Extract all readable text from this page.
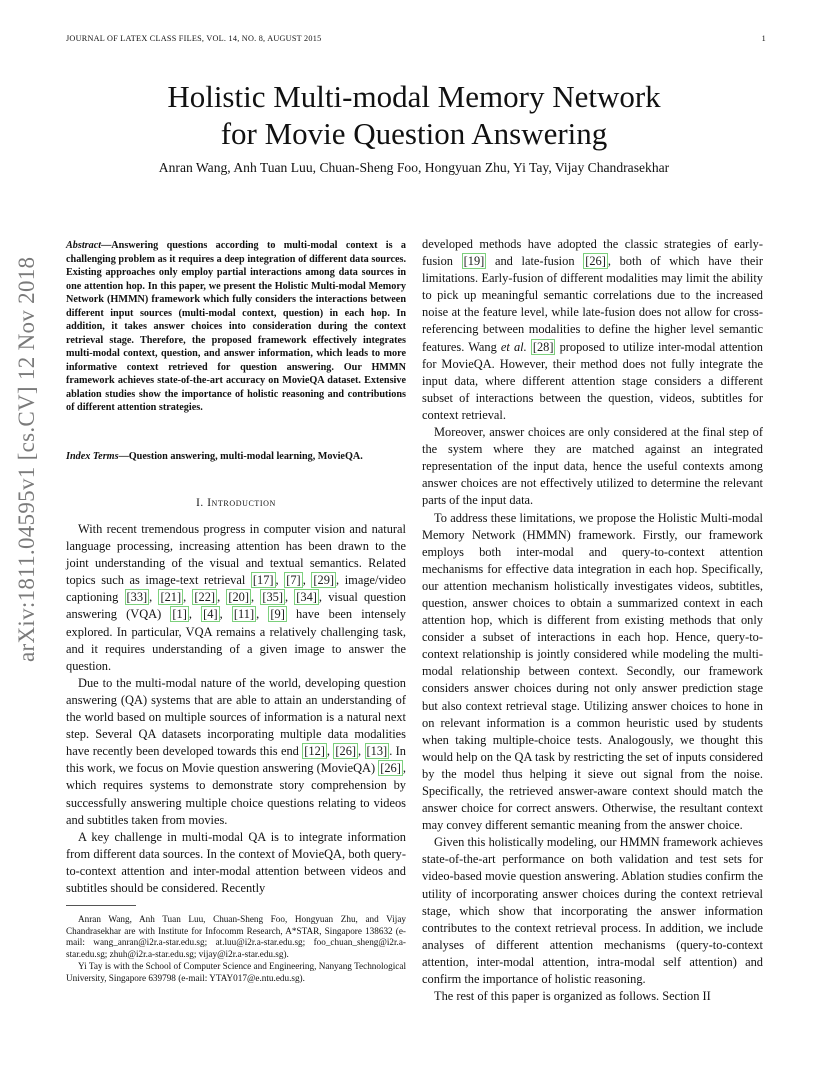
JOURNAL OF LATEX CLASS FILES, VOL. 14, NO. 8, AUGUST 2015	1
Holistic Multi-modal Memory Network
for Movie Question Answering
Anran Wang, Anh Tuan Luu, Chuan-Sheng Foo, Hongyuan Zhu, Yi Tay, Vijay Chandrasekhar
arXiv:1811.04595v1 [cs.CV] 12 Nov 2018
Abstract—Answering questions according to multi-modal context is a challenging problem as it requires a deep integration of different data sources. Existing approaches only employ partial interactions among data sources in one attention hop. In this paper, we present the Holistic Multi-modal Memory Network (HMMN) framework which fully considers the interactions between different input sources (multi-modal context, question) in each hop. In addition, it takes answer choices into consideration during the context retrieval stage. Therefore, the proposed framework effectively integrates multi-modal context, question, and answer information, which leads to more informative context retrieved for question answering. Our HMMN framework achieves state-of-the-art accuracy on MovieQA dataset. Extensive ablation studies show the importance of holistic reasoning and contributions of different attention strategies.
Index Terms—Question answering, multi-modal learning, MovieQA.
I. Introduction

With recent tremendous progress in computer vision and natural language processing, increasing attention has been drawn to the joint understanding of the visual and textual semantics. Related topics such as image-text retrieval [17] , [7] , [29] , image/video captioning [33] , [21] , [22] , [20] , [35] , [34] , visual question answering (VQA) [1] , [4] , [11] , [9] have been intensely explored. In particular, VQA remains a relatively challenging task, and it requires understanding of a given image to answer the question.

Due to the multi-modal nature of the world, developing question answering (QA) systems that are able to attain an understanding of the world based on multiple sources of information is a natural next step. Several QA datasets incorporating multiple data modalities have recently been developed towards this end [12] , [26] , [13] . In this work, we focus on Movie question answering (MovieQA) [26] , which requires systems to demonstrate story comprehension by successfully answering multiple choice questions relating to videos and subtitles taken from movies.

A key challenge in multi-modal QA is to integrate information from different data sources. In the context of MovieQA, both query-to-context attention and inter-modal attention between videos and subtitles should be considered. Recently

Anran Wang, Anh Tuan Luu, Chuan-Sheng Foo, Hongyuan Zhu, and Vijay Chandrasekhar are with Institute for Infocomm Research, A*STAR, Singapore 138632 (e-mail: wang_anran@i2r.a-star.edu.sg; at.luu@i2r.a-star.edu.sg; foo_chuan_sheng@i2r.a-star.edu.sg; zhuh@i2r.a-star.edu.sg; vijay@i2r.a-star.edu.sg).

Yi Tay is with the School of Computer Science and Engineering, Nanyang Technological University, Singapore 639798 (e-mail: YTAY017@e.ntu.edu.sg).

developed methods have adopted the classic strategies of early-fusion [19] and late-fusion [26] , both of which have their limitations. Early-fusion of different modalities may limit the ability to pick up meaningful semantic correlations due to the increased noise at the feature level, while late-fusion does not allow for cross-referencing between modalities to define the higher level semantic features. Wang et al. [28] proposed to utilize inter-modal attention for MovieQA. However, their method does not fully integrate the input data, where different attention stage considers a different subset of interactions between the question, videos, subtitles for context retrieval.

Moreover, answer choices are only considered at the final step of the system where they are matched against an integrated representation of the input data, hence the useful contexts among answer choices are not effectively utilized to determine the relevant parts of the input data.

To address these limitations, we propose the Holistic Multi-modal Memory Network (HMMN) framework. Firstly, our framework employs both inter-modal and query-to-context attention mechanisms for effective data integration in each hop. Specifically, our attention mechanism holistically investigates videos, subtitles, question, answer choices to obtain a summarized context in each attention hop, which is different from existing methods that only consider a subset of interactions in each hop. Hence, query-to-context relationship is jointly considered while modeling the multi-modal relationship between context. Secondly, our framework considers answer choices during not only answer prediction stage but also context retrieval stage. Utilizing answer choices to hone in on relevant information is a common heuristic used by students when taking multiple-choice tests. Analogously, we thought this would help on the QA task by restricting the set of inputs considered by the model thus helping it sieve out signal from the noise. Specifically, the retrieved answer-aware context should match the answer choice for correct answers. Otherwise, the resultant context may convey different semantic meaning from the answer choice.

Given this holistically modeling, our HMMN framework achieves state-of-the-art performance on both validation and test sets for video-based movie question answering. Ablation studies confirm the utility of incorporating answer choices during the context retrieval stage, which show that incorporating the answer information contributes to the context retrieval process. In addition, we include analyses of different attention mechanisms (query-to-context attention, inter-modal attention, intra-modal self attention) and confirm the importance of holistic reasoning.

The rest of this paper is organized as follows. Section II
